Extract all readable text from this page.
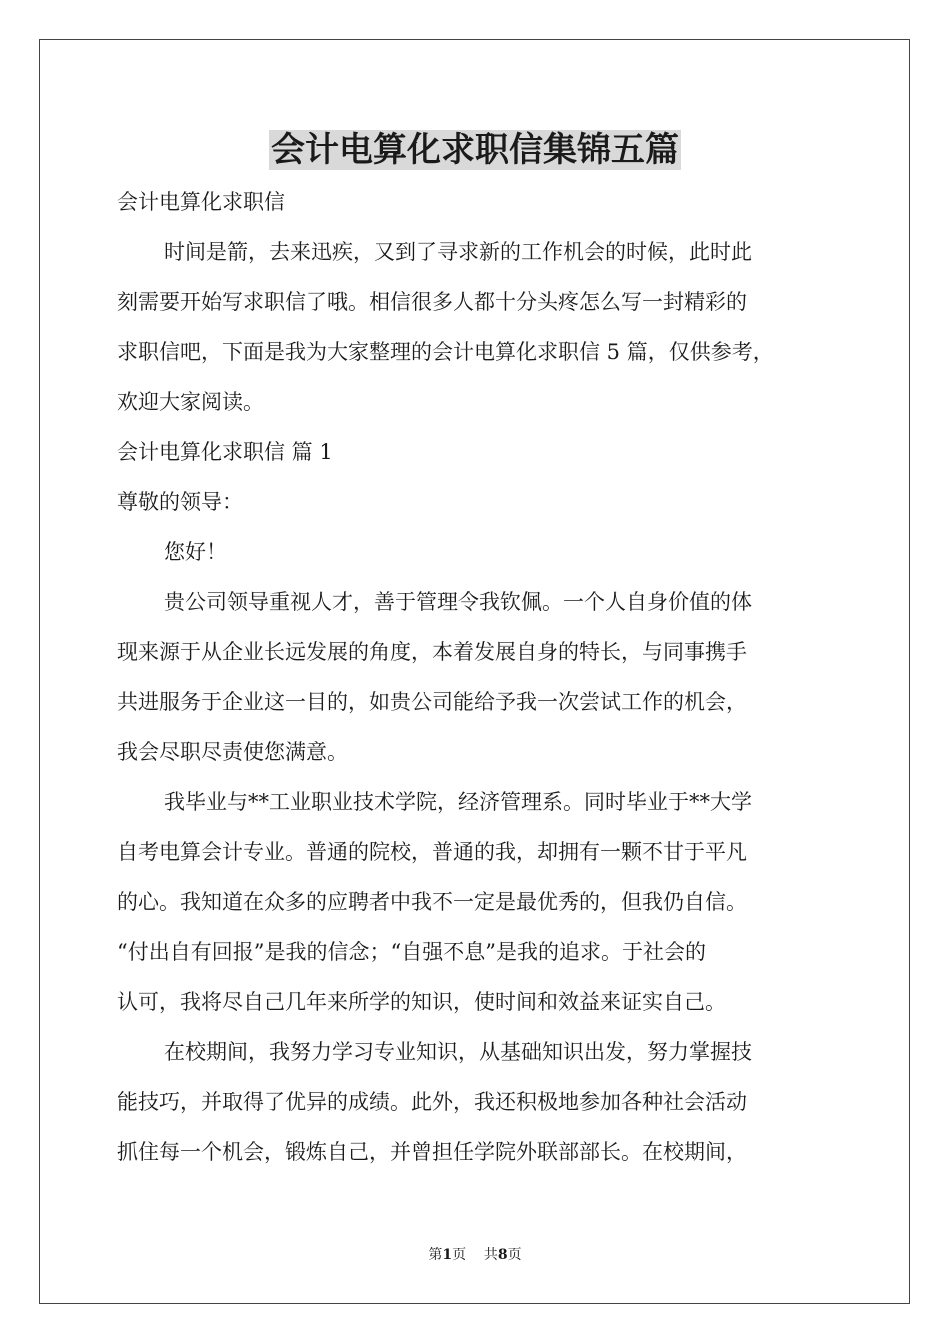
会计电算化求职信集锦五篇

会计电算化求职信

时间是箭，去来迅疾，又到了寻求新的工作机会的时候，此时此

刻需要开始写求职信了哦。相信很多人都十分头疼怎么写一封精彩的

求职信吧，下面是我为大家整理的会计电算化求职信 5 篇，仅供参考，

欢迎大家阅读。

会计电算化求职信 篇 1

尊敬的领导：

您好！

贵公司领导重视人才，善于管理令我钦佩。一个人自身价值的体

现来源于从企业长远发展的角度，本着发展自身的特长，与同事携手

共进服务于企业这一目的，如贵公司能给予我一次尝试工作的机会，

我会尽职尽责使您满意。

我毕业与**工业职业技术学院，经济管理系。同时毕业于**大学

自考电算会计专业。普通的院校，普通的我，却拥有一颗不甘于平凡

的心。我知道在众多的应聘者中我不一定是最优秀的，但我仍自信。

“付出自有回报”是我的信念；“自强不息”是我的追求。于社会的

认可，我将尽自己几年来所学的知识，使时间和效益来证实自己。

在校期间，我努力学习专业知识，从基础知识出发，努力掌握技

能技巧，并取得了优异的成绩。此外，我还积极地参加各种社会活动

抓住每一个机会，锻炼自己，并曾担任学院外联部部长。在校期间，

第1页 共8页
